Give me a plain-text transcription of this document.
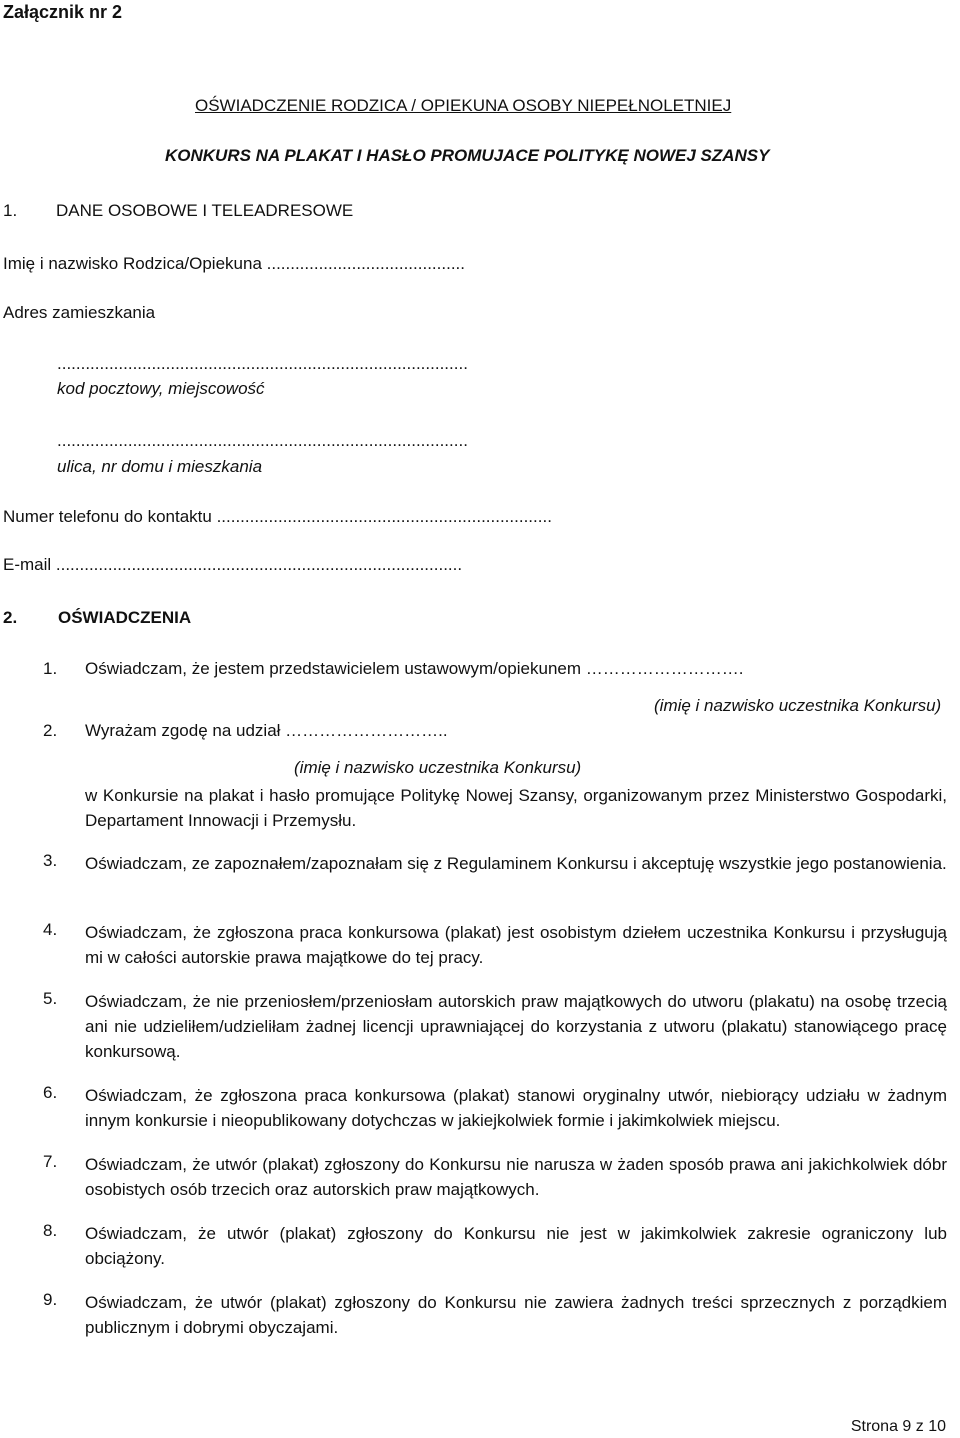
Załącznik nr 2
OŚWIADCZENIE RODZICA / OPIEKUNA OSOBY NIEPEŁNOLETNIEJ
KONKURS NA PLAKAT I HASŁO PROMUJACE POLITYKĘ NOWEJ SZANSY
1. DANE OSOBOWE I TELEADRESOWE
Imię i nazwisko Rodzica/Opiekuna ..........................................
Adres zamieszkania
.......................................................................................
kod pocztowy, miejscowość
.......................................................................................
ulica, nr domu i mieszkania
Numer telefonu do kontaktu .......................................................................
E-mail ......................................................................................
2. OŚWIADCZENIA
1.	Oświadczam, że jestem przedstawicielem ustawowym/opiekunem ……………………….
(imię i nazwisko uczestnika Konkursu)
2.	Wyrażam zgodę na udział ………………………..
(imię i nazwisko uczestnika Konkursu)
w Konkursie na plakat i hasło promujące Politykę Nowej Szansy, organizowanym przez Ministerstwo Gospodarki, Departament Innowacji i Przemysłu.
3.	Oświadczam, ze zapoznałem/zapoznałam się z Regulaminem Konkursu i akceptuję wszystkie jego postanowienia.
4.	Oświadczam, że zgłoszona praca konkursowa (plakat) jest osobistym dziełem uczestnika Konkursu i przysługują mi w całości autorskie prawa majątkowe do tej pracy.
5.	Oświadczam, że nie przeniosłem/przeniosłam autorskich praw majątkowych do utworu (plakatu) na osobę trzecią ani nie udzieliłem/udzieliłam żadnej licencji uprawniającej do korzystania z utworu (plakatu) stanowiącego pracę konkursową.
6.	Oświadczam, że zgłoszona praca konkursowa (plakat) stanowi oryginalny utwór, niebiorący udziału w żadnym innym konkursie i nieopublikowany dotychczas w jakiejkolwiek formie i jakimkolwiek miejscu.
7.	Oświadczam, że utwór (plakat) zgłoszony do Konkursu nie narusza w żaden sposób prawa ani jakichkolwiek dóbr osobistych osób trzecich oraz autorskich praw majątkowych.
8.	Oświadczam, że utwór (plakat) zgłoszony do Konkursu nie jest w jakimkolwiek zakresie ograniczony lub obciążony.
9.	Oświadczam, że utwór (plakat) zgłoszony do Konkursu nie zawiera żadnych treści sprzecznych z porządkiem publicznym i dobrymi obyczajami.
Strona 9 z 10
